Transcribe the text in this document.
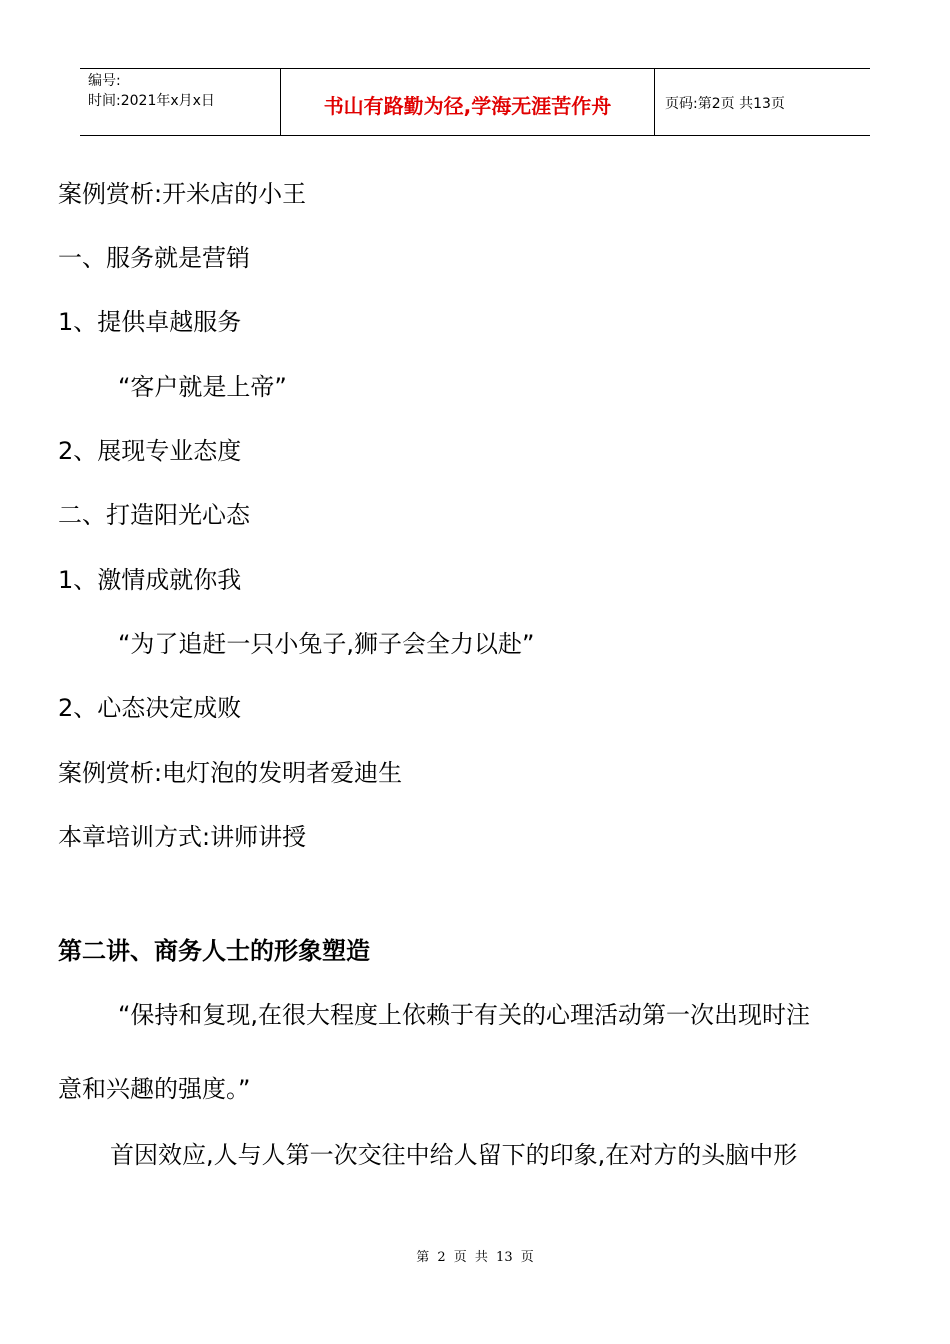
编号:
时间:2021年x月x日	书山有路勤为径,学海无涯苦作舟	页码:第2页 共13页
案例赏析:开米店的小王
一、服务就是营销
1、提供卓越服务
“客户就是上帝”
2、展现专业态度
二、打造阳光心态
1、激情成就你我
“为了追赶一只小兔子,狮子会全力以赴”
2、心态决定成败
案例赏析:电灯泡的发明者爱迪生
本章培训方式:讲师讲授
第二讲、商务人士的形象塑造
“保持和复现,在很大程度上依赖于有关的心理活动第一次出现时注
意和兴趣的强度。”
首因效应,人与人第一次交往中给人留下的印象,在对方的头脑中形
第 2 页 共 13 页
